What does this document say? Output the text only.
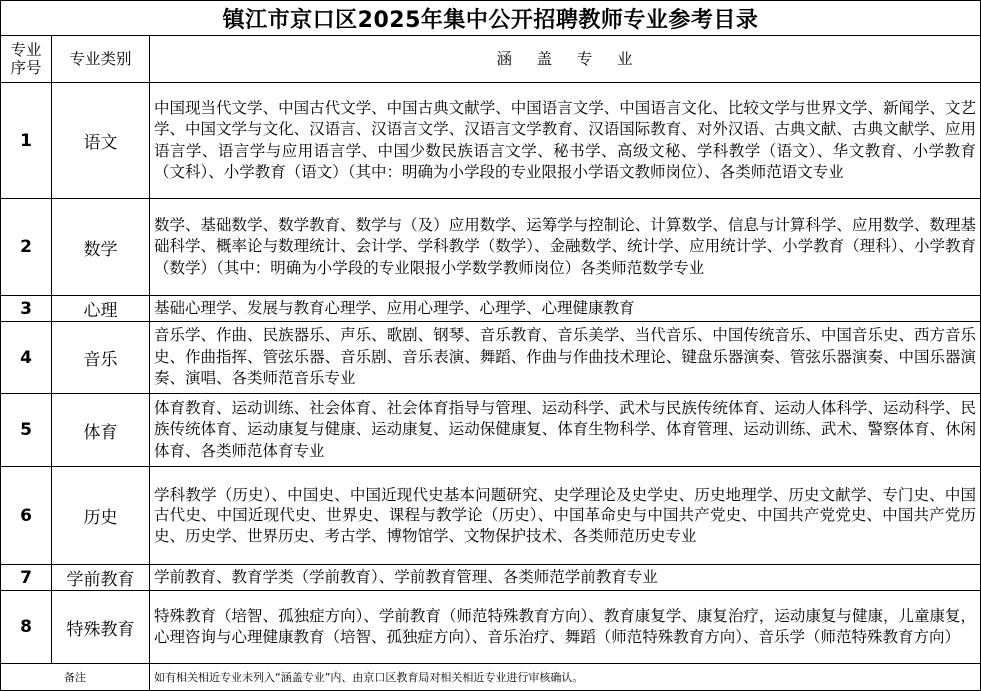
镇江市京口区2025年集中公开招聘教师专业参考目录		
专业
序号	专业类别	涵    盖    专    业
1	语文	中国现当代文学、中国古代文学、中国古典文献学、中国语言文学、中国语言文化、比较文学与世界文学、新闻学、文艺学、中国文学与文化、汉语言、汉语言文学、汉语言文学教育、汉语国际教育、对外汉语、古典文献、古典文献学、应用语言学、语言学与应用语言学、中国少数民族语言文学、秘书学、高级文秘、学科教学（语文）、华文教育、小学教育（文科）、小学教育（语文）（其中：明确为小学段的专业限报小学语文教师岗位）、各类师范语文专业
2	数学	数学、基础数学、数学教育、数学与（及）应用数学、运筹学与控制论、计算数学、信息与计算科学、应用数学、数理基础科学、概率论与数理统计、会计学、学科教学（数学）、金融数学、统计学、应用统计学、小学教育（理科）、小学教育（数学）（其中：明确为小学段的专业限报小学数学教师岗位）各类师范数学专业
3	心理	基础心理学、发展与教育心理学、应用心理学、心理学、心理健康教育
4	音乐	音乐学、作曲、民族器乐、声乐、歌剧、钢琴、音乐教育、音乐美学、当代音乐、中国传统音乐、中国音乐史、西方音乐史、作曲指挥、管弦乐器、音乐剧、音乐表演、舞蹈、作曲与作曲技术理论、键盘乐器演奏、管弦乐器演奏、中国乐器演奏、演唱、各类师范音乐专业
5	体育	体育教育、运动训练、社会体育、社会体育指导与管理、运动科学、武术与民族传统体育、运动人体科学、运动科学、民族传统体育、运动康复与健康、运动康复、运动保健康复、体育生物科学、体育管理、运动训练、武术、警察体育、休闲体育、各类师范体育专业
6	历史	学科教学（历史）、中国史、中国近现代史基本问题研究、史学理论及史学史、历史地理学、历史文献学、专门史、中国古代史、中国近现代史、世界史、课程与教学论（历史）、中国革命史与中国共产党史、中国共产党党史、中国共产党历史、历史学、世界历史、考古学、博物馆学、文物保护技术、各类师范历史专业
7	学前教育	学前教育、教育学类（学前教育）、学前教育管理、各类师范学前教育专业
8	特殊教育	特殊教育（培智、孤独症方向）、学前教育（师范特殊教育方向）、教育康复学、康复治疗，运动康复与健康，儿童康复，心理咨询与心理健康教育（培智、孤独症方向）、音乐治疗、舞蹈（师范特殊教育方向）、音乐学（师范特殊教育方向）
备注		如有相关相近专业未列入“涵盖专业”内、由京口区教育局对相关相近专业进行审核确认。
